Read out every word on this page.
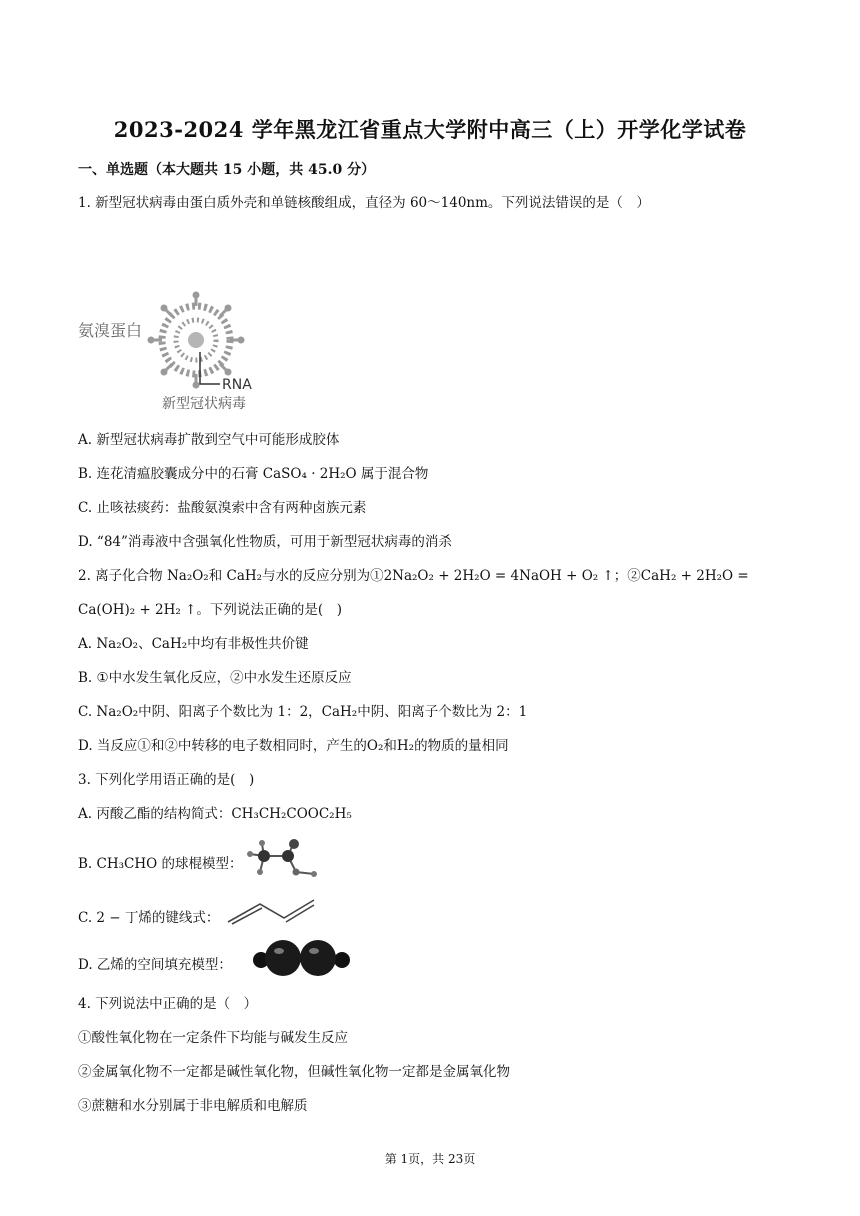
2023-2024 学年黑龙江省重点大学附中高三（上）开学化学试卷
一、单选题（本大题共 15 小题，共 45.0 分）
1. 新型冠状病毒由蛋白质外壳和单链核酸组成，直径为 60～140nm。下列说法错误的是（　）
氨溴蛋白
RNA
新型冠状病毒
A. 新型冠状病毒扩散到空气中可能形成胶体
B. 连花清瘟胶囊成分中的石膏 CaSO₄ · 2H₂O 属于混合物
C. 止咳祛痰药：盐酸氨溴索中含有两种卤族元素
D. “84”消毒液中含强氧化性物质，可用于新型冠状病毒的消杀
2. 离子化合物 Na₂O₂和 CaH₂与水的反应分别为①2Na₂O₂ + 2H₂O = 4NaOH + O₂ ↑；②CaH₂ + 2H₂O =
Ca(OH)₂ + 2H₂ ↑。下列说法正确的是(　)
A. Na₂O₂、CaH₂中均有非极性共价键
B. ①中水发生氧化反应，②中水发生还原反应
C. Na₂O₂中阴、阳离子个数比为 1：2，CaH₂中阴、阳离子个数比为 2：1
D. 当反应①和②中转移的电子数相同时，产生的O₂和H₂的物质的量相同
3. 下列化学用语正确的是(　)
A. 丙酸乙酯的结构简式：CH₃CH₂COOC₂H₅
B. CH₃CHO 的球棍模型：
C. 2 − 丁烯的键线式：
D. 乙烯的空间填充模型：
4. 下列说法中正确的是（　）
①酸性氧化物在一定条件下均能与碱发生反应
②金属氧化物不一定都是碱性氧化物，但碱性氧化物一定都是金属氧化物
③蔗糖和水分别属于非电解质和电解质
第 1页，共 23页
